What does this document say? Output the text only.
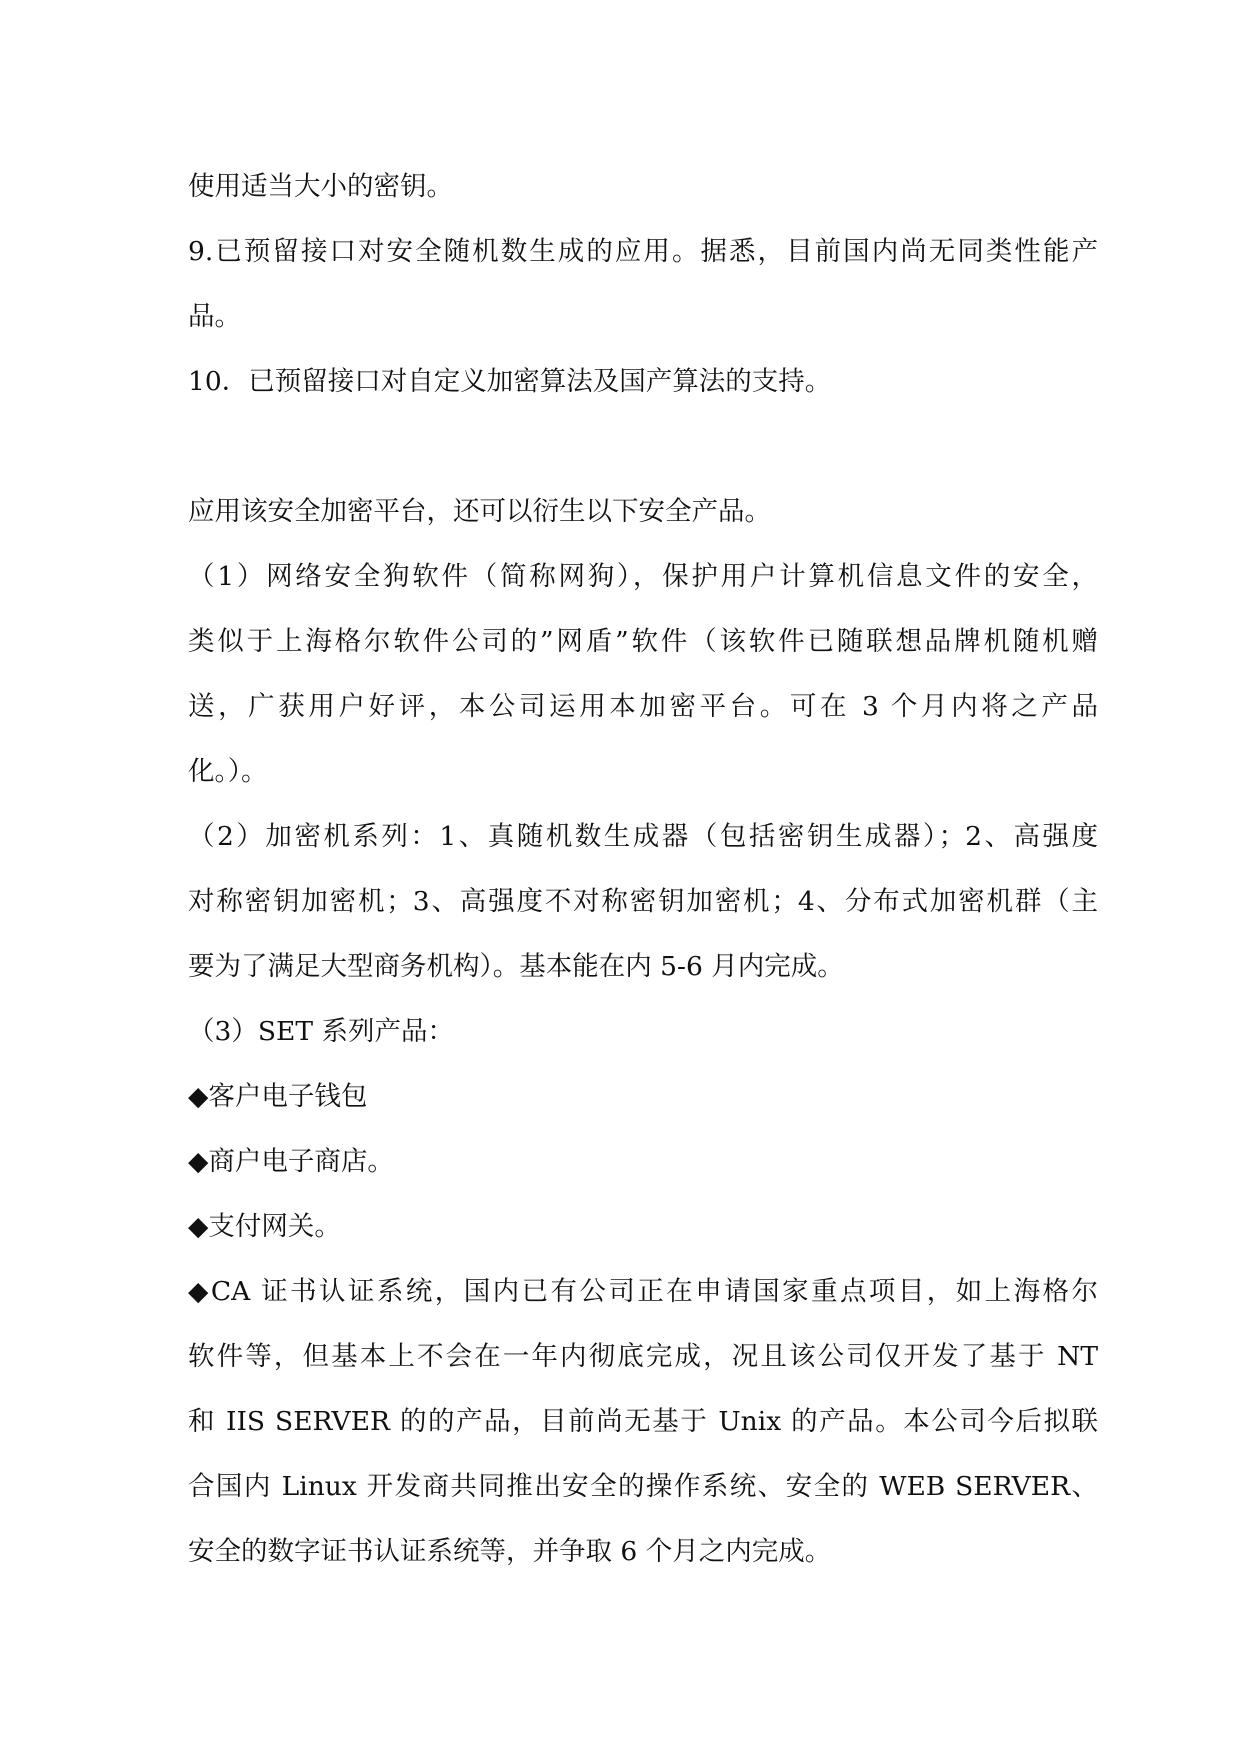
使用适当大小的密钥。
9.已预留接口对安全随机数生成的应用。据悉，目前国内尚无同类性能产
品。
10．已预留接口对自定义加密算法及国产算法的支持。
应用该安全加密平台，还可以衍生以下安全产品。
（1）网络安全狗软件（简称网狗），保护用户计算机信息文件的安全，
类似于上海格尔软件公司的”网盾”软件（该软件已随联想品牌机随机赠
送，广获用户好评，本公司运用本加密平台。可在 3 个月内将之产品
化。）。
（2）加密机系列：1、真随机数生成器（包括密钥生成器）；2、高强度
对称密钥加密机；3、高强度不对称密钥加密机；4、分布式加密机群（主
要为了满足大型商务机构）。基本能在内 5-6 月内完成。
（3）SET 系列产品：
◆客户电子钱包
◆商户电子商店。
◆支付网关。
◆CA 证书认证系统，国内已有公司正在申请国家重点项目，如上海格尔
软件等，但基本上不会在一年内彻底完成，况且该公司仅开发了基于 NT
和 IIS SERVER 的的产品，目前尚无基于 Unix 的产品。本公司今后拟联
合国内 Linux 开发商共同推出安全的操作系统、安全的 WEB SERVER、
安全的数字证书认证系统等，并争取 6 个月之内完成。
